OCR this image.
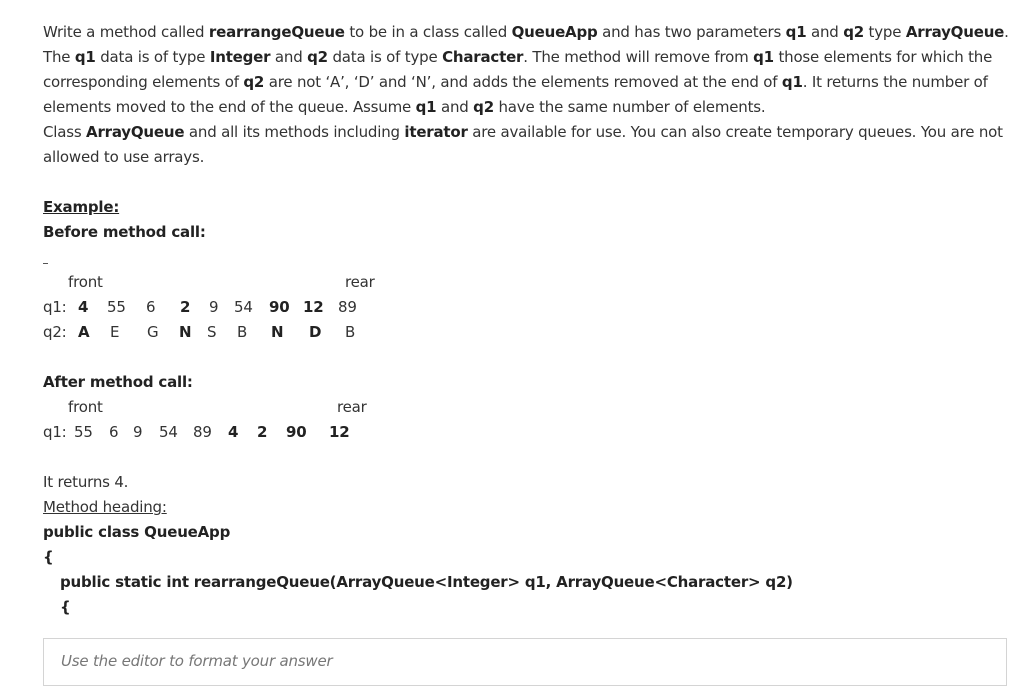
Write a method called rearrangeQueue to be in a class called QueueApp and has two parameters q1 and q2 type ArrayQueue. The q1 data is of type Integer and q2 data is of type Character. The method will remove from q1 those elements for which the corresponding elements of q2 are not ‘A’, ‘D’ and ‘N’, and adds the elements removed at the end of q1. It returns the number of elements moved to the end of the queue. Assume q1 and q2 have the same number of elements.

Class ArrayQueue and all its methods including iterator are available for use. You can also create temporary queues. You are not allowed to use arrays.

Example:
Before method call:
front	rear
q1: 4 55 6 2 9 54 90 12 89
q2: A E G N S B N D B
After method call:
front	rear
q1: 55 6 9 54 89 4 2 90 12
It returns 4.
Method heading:
public class QueueApp
{
public static int rearrangeQueue(ArrayQueue<Integer> q1, ArrayQueue<Character> q2)
{
Use the editor to format your answer
